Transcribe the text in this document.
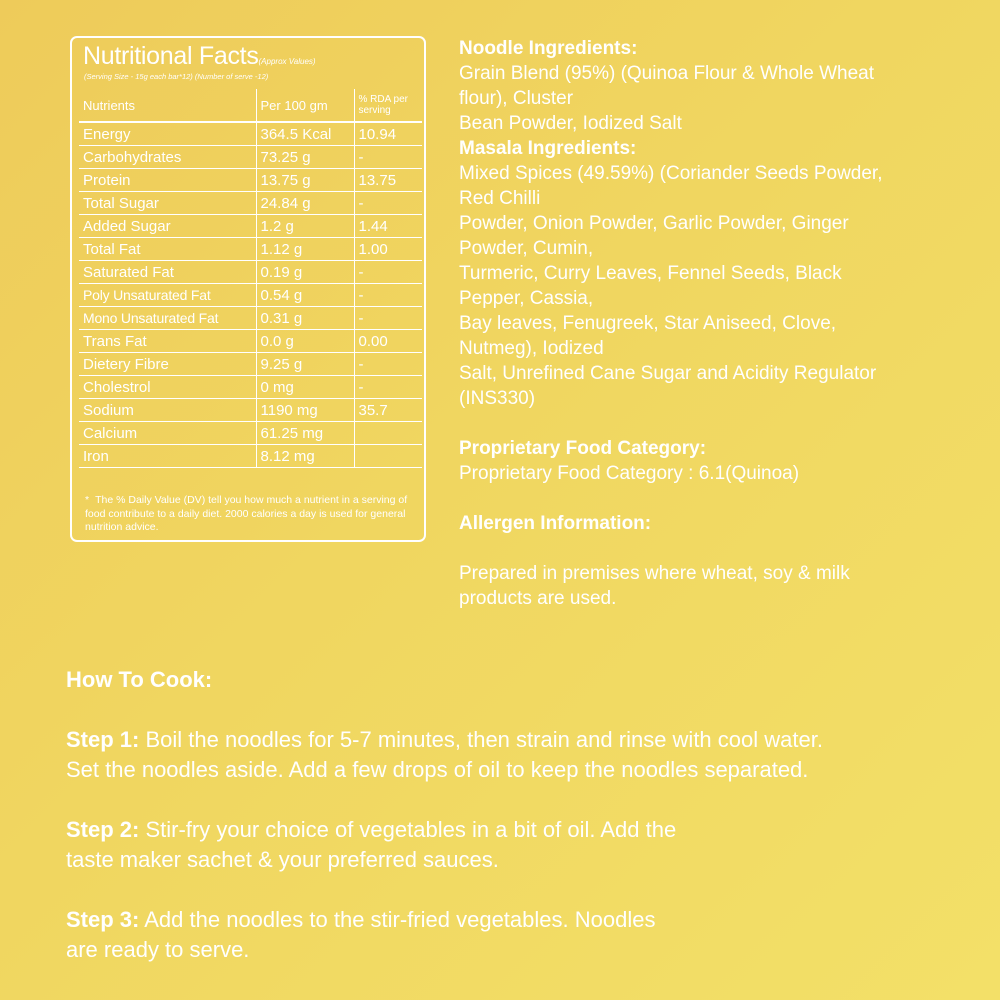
Nutritional Facts(Approx Values)
(Serving Size - 15g each bar*12) (Number of serve -12)
Nutrients	Per 100 gm	% RDA per serving
Energy	364.5 Kcal	10.94
Carbohydrates	73.25 g	-
Protein	13.75 g	13.75
Total Sugar	24.84 g	-
Added Sugar	1.2 g	1.44
Total Fat	1.12 g	1.00
Saturated Fat	0.19 g	-
Poly Unsaturated Fat	0.54 g	-
Mono Unsaturated Fat	0.31 g	-
Trans Fat	0.0 g	0.00
Dietery Fibre	9.25 g	-
Cholestrol	0 mg	-
Sodium	1190 mg	35.7
Calcium	61.25 mg	
Iron	8.12 mg	
* The % Daily Value (DV) tell you how much a nutrient in a serving of food contribute to a daily diet. 2000 calories a day is used for general nutrition advice.
Noodle Ingredients:
Grain Blend (95%) (Quinoa Flour & Whole Wheat
flour), Cluster
Bean Powder, Iodized Salt
Masala Ingredients:
Mixed Spices (49.59%) (Coriander Seeds Powder,
Red Chilli
Powder, Onion Powder, Garlic Powder, Ginger
Powder, Cumin,
Turmeric, Curry Leaves, Fennel Seeds, Black
Pepper, Cassia,
Bay leaves, Fenugreek, Star Aniseed, Clove,
Nutmeg), Iodized
Salt, Unrefined Cane Sugar and Acidity Regulator
(INS330)
Proprietary Food Category:
Proprietary Food Category : 6.1(Quinoa)
Allergen Information:
Prepared in premises where wheat, soy & milk
products are used.
How To Cook:
Step 1: Boil the noodles for 5-7 minutes, then strain and rinse with cool water.
Set the noodles aside. Add a few drops of oil to keep the noodles separated.
Step 2: Stir-fry your choice of vegetables in a bit of oil. Add the
taste maker sachet & your preferred sauces.
Step 3: Add the noodles to the stir-fried vegetables. Noodles
are ready to serve.
